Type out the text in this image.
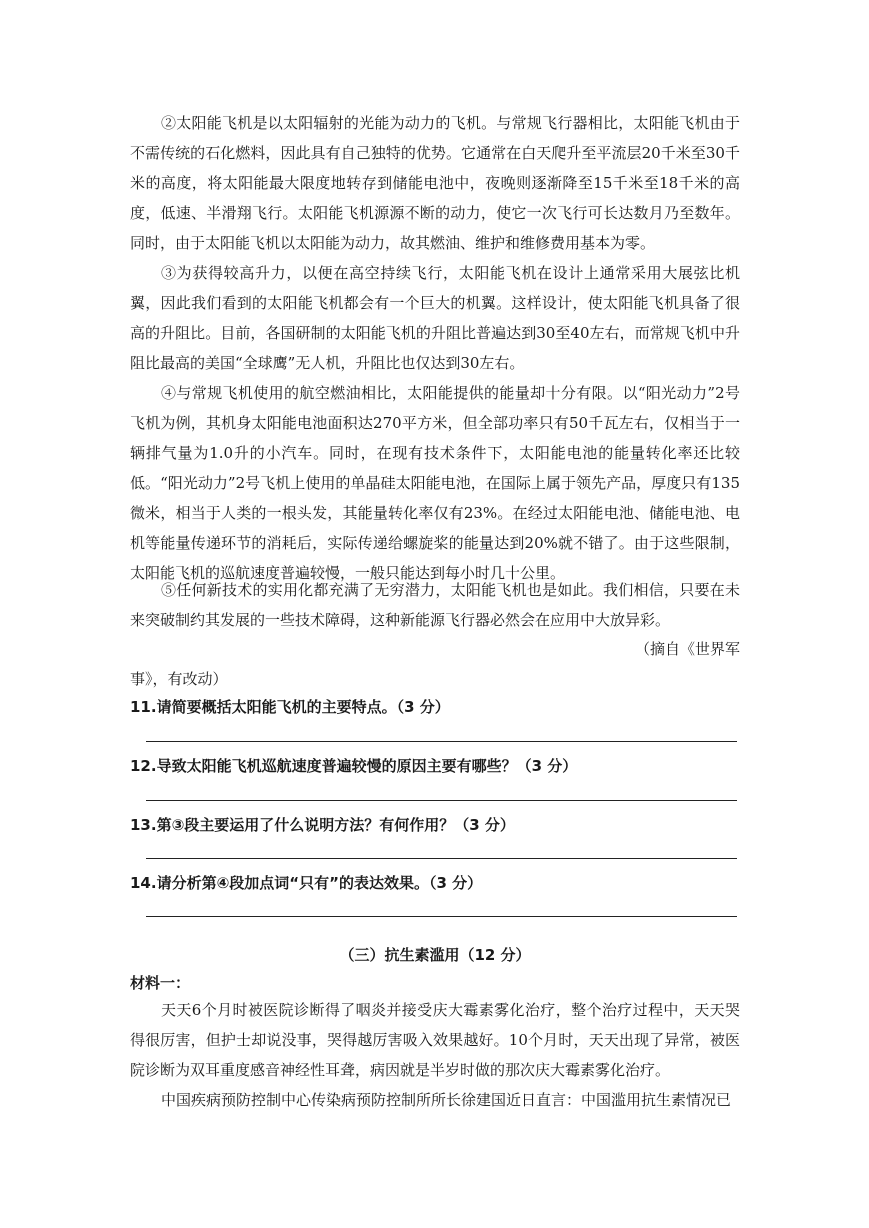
②太阳能飞机是以太阳辐射的光能为动力的飞机。与常规飞行器相比，太阳能飞机由于不需传统的石化燃料，因此具有自己独特的优势。它通常在白天爬升至平流层20千米至30千米的高度，将太阳能最大限度地转存到储能电池中，夜晚则逐渐降至15千米至18千米的高度，低速、半滑翔飞行。太阳能飞机源源不断的动力，使它一次飞行可长达数月乃至数年。同时，由于太阳能飞机以太阳能为动力，故其燃油、维护和维修费用基本为零。

③为获得较高升力，以便在高空持续飞行，太阳能飞机在设计上通常采用大展弦比机翼，因此我们看到的太阳能飞机都会有一个巨大的机翼。这样设计，使太阳能飞机具备了很高的升阻比。目前，各国研制的太阳能飞机的升阻比普遍达到30至40左右，而常规飞机中升阻比最高的美国“全球鹰”无人机，升阻比也仅达到30左右。

④与常规飞机使用的航空燃油相比，太阳能提供的能量却十分有限。以“阳光动力”2号飞机为例，其机身太阳能电池面积达270平方米，但全部功率只有50千瓦左右，仅相当于一辆排气量为1.0升的小汽车。同时，在现有技术条件下，太阳能电池的能量转化率还比较低。“阳光动力”2号飞机上使用的单晶硅太阳能电池，在国际上属于领先产品，厚度只有135微米，相当于人类的一根头发，其能量转化率仅有23%。在经过太阳能电池、储能电池、电机等能量传递环节的消耗后，实际传递给螺旋桨的能量达到20%就不错了。由于这些限制，太阳能飞机的巡航速度普遍较慢，一般只能达到每小时几十公里。

⑤任何新技术的实用化都充满了无穷潜力，太阳能飞机也是如此。我们相信，只要在未来突破制约其发展的一些技术障碍，这种新能源飞行器必然会在应用中大放异彩。

（摘自《世界军
事》，有改动）

11.请简要概括太阳能飞机的主要特点。（3 分）

12.导致太阳能飞机巡航速度普遍较慢的原因主要有哪些？（3 分）

13.第③段主要运用了什么说明方法？有何作用？（3 分）

14.请分析第④段加点词“只有”的表达效果。（3 分）

（三）抗生素滥用（12 分）

材料一：

天天6个月时被医院诊断得了咽炎并接受庆大霉素雾化治疗，整个治疗过程中，天天哭得很厉害，但护士却说没事，哭得越厉害吸入效果越好。10个月时，天天出现了异常，被医院诊断为双耳重度感音神经性耳聋，病因就是半岁时做的那次庆大霉素雾化治疗。

中国疾病预防控制中心传染病预防控制所所长徐建国近日直言：中国滥用抗生素情况已
